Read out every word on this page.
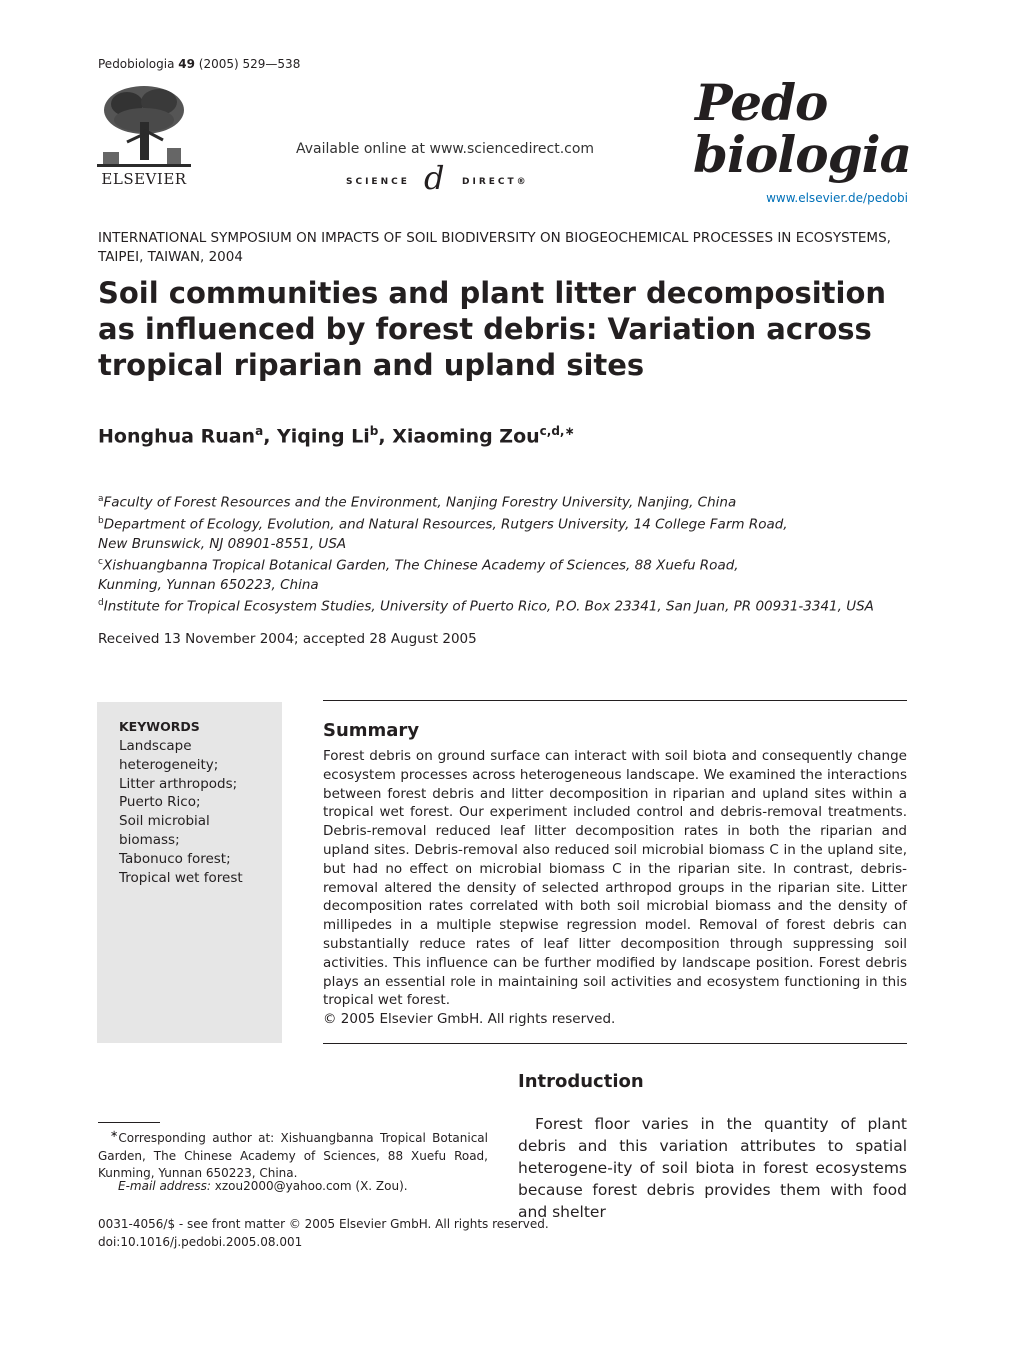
Pedobiologia 49 (2005) 529—538
ELSEVIER
Available online at www.sciencedirect.com
SCIENCE d DIRECT®
Pedo
biologia
www.elsevier.de/pedobi
INTERNATIONAL SYMPOSIUM ON IMPACTS OF SOIL BIODIVERSITY ON BIOGEOCHEMICAL PROCESSES IN ECOSYSTEMS, TAIPEI, TAIWAN, 2004
Soil communities and plant litter decomposition as influenced by forest debris: Variation across tropical riparian and upland sites
Honghua Ruan$^a$, Yiqing Li$^b$, Xiaoming Zou$^{c,d,∗}$
$^a$Faculty of Forest Resources and the Environment, Nanjing Forestry University, Nanjing, China
$^b$Department of Ecology, Evolution, and Natural Resources, Rutgers University, 14 College Farm Road,
New Brunswick, NJ 08901-8551, USA
$^c$Xishuangbanna Tropical Botanical Garden, The Chinese Academy of Sciences, 88 Xuefu Road,
Kunming, Yunnan 650223, China
$^d$Institute for Tropical Ecosystem Studies, University of Puerto Rico, P.O. Box 23341, San Juan, PR 00931-3341, USA
Received 13 November 2004; accepted 28 August 2005
KEYWORDS
Landscape heterogeneity;
Litter arthropods;
Puerto Rico;
Soil microbial biomass;
Tabonuco forest;
Tropical wet forest
Summary
Forest debris on ground surface can interact with soil biota and consequently change ecosystem processes across heterogeneous landscape. We examined the interactions between forest debris and litter decomposition in riparian and upland sites within a tropical wet forest. Our experiment included control and debris-removal treatments. Debris-removal reduced leaf litter decomposition rates in both the riparian and upland sites. Debris-removal also reduced soil microbial biomass C in the upland site, but had no effect on microbial biomass C in the riparian site. In contrast, debris-removal altered the density of selected arthropod groups in the riparian site. Litter decomposition rates correlated with both soil microbial biomass and the density of millipedes in a multiple stepwise regression model. Removal of forest debris can substantially reduce rates of leaf litter decomposition through suppressing soil activities. This influence can be further modified by landscape position. Forest debris plays an essential role in maintaining soil activities and ecosystem functioning in this tropical wet forest.
© 2005 Elsevier GmbH. All rights reserved.
Introduction
Forest floor varies in the quantity of plant debris and this variation attributes to spatial heterogene-ity of soil biota in forest ecosystems because forest debris provides them with food and shelter
∗Corresponding author at: Xishuangbanna Tropical Botanical Garden, The Chinese Academy of Sciences, 88 Xuefu Road, Kunming, Yunnan 650223, China.
E-mail address: xzou2000@yahoo.com (X. Zou).
0031-4056/$ - see front matter © 2005 Elsevier GmbH. All rights reserved.
doi:10.1016/j.pedobi.2005.08.001
